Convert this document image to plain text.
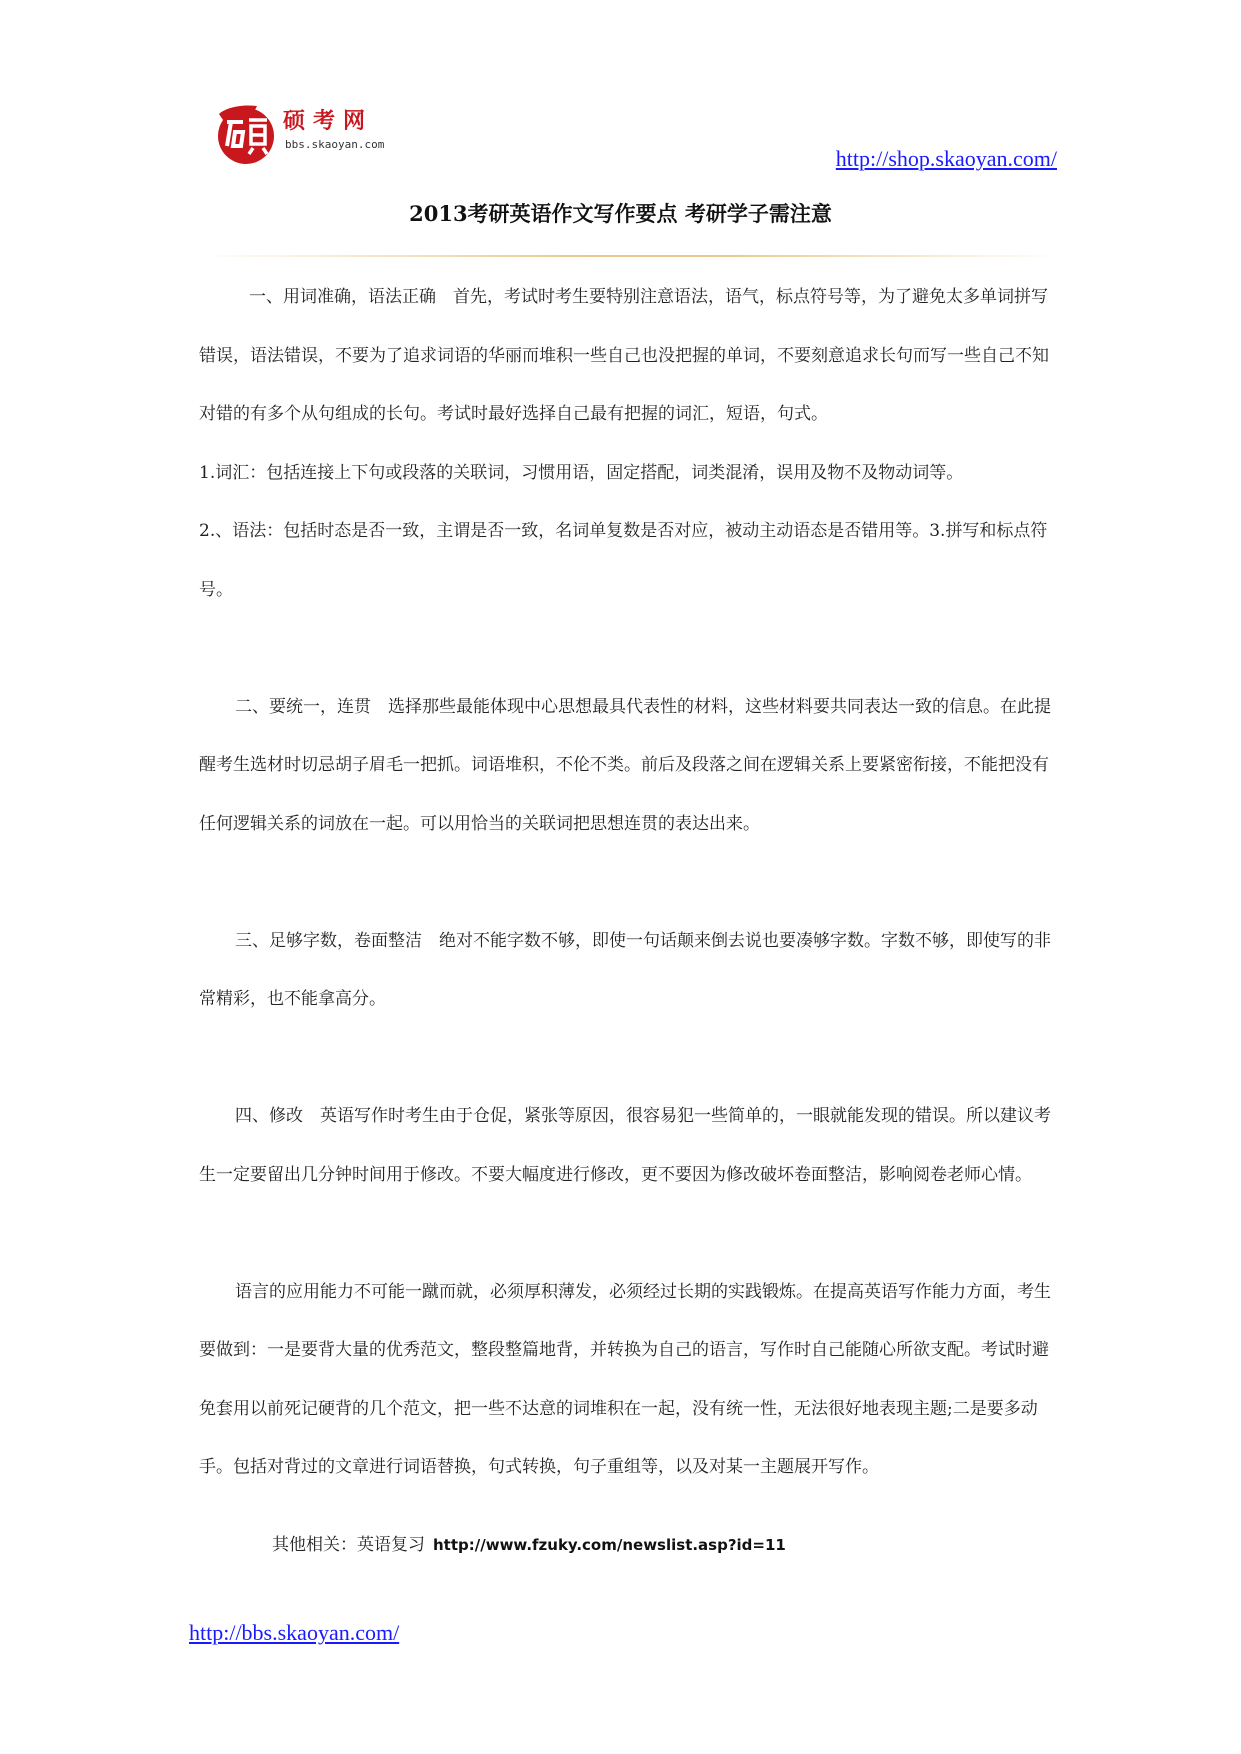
硕考网
bbs.skaoyan.com
http://shop.skaoyan.com/
2013考研英语作文写作要点 考研学子需注意

一、用词准确，语法正确　首先，考试时考生要特别注意语法，语气，标点符号等，为了避免太多单词拼写错误，语法错误，不要为了追求词语的华丽而堆积一些自己也没把握的单词，不要刻意追求长句而写一些自己不知对错的有多个从句组成的长句。考试时最好选择自己最有把握的词汇，短语，句式。

1.词汇：包括连接上下句或段落的关联词，习惯用语，固定搭配，词类混淆，误用及物不及物动词等。

2.、语法：包括时态是否一致，主谓是否一致，名词单复数是否对应，被动主动语态是否错用等。3.拼写和标点符号。

二、要统一，连贯　选择那些最能体现中心思想最具代表性的材料，这些材料要共同表达一致的信息。在此提醒考生选材时切忌胡子眉毛一把抓。词语堆积，不伦不类。前后及段落之间在逻辑关系上要紧密衔接，不能把没有任何逻辑关系的词放在一起。可以用恰当的关联词把思想连贯的表达出来。

三、足够字数，卷面整洁　绝对不能字数不够，即使一句话颠来倒去说也要凑够字数。字数不够，即使写的非常精彩，也不能拿高分。

四、修改　英语写作时考生由于仓促，紧张等原因，很容易犯一些简单的，一眼就能发现的错误。所以建议考生一定要留出几分钟时间用于修改。不要大幅度进行修改，更不要因为修改破坏卷面整洁，影响阅卷老师心情。

语言的应用能力不可能一蹴而就，必须厚积薄发，必须经过长期的实践锻炼。在提高英语写作能力方面，考生要做到：一是要背大量的优秀范文，整段整篇地背，并转换为自己的语言，写作时自己能随心所欲支配。考试时避免套用以前死记硬背的几个范文，把一些不达意的词堆积在一起，没有统一性，无法很好地表现主题;二是要多动手。包括对背过的文章进行词语替换，句式转换，句子重组等，以及对某一主题展开写作。

其他相关：英语复习 http://www.fzuky.com/newslist.asp?id=11
http://bbs.skaoyan.com/
